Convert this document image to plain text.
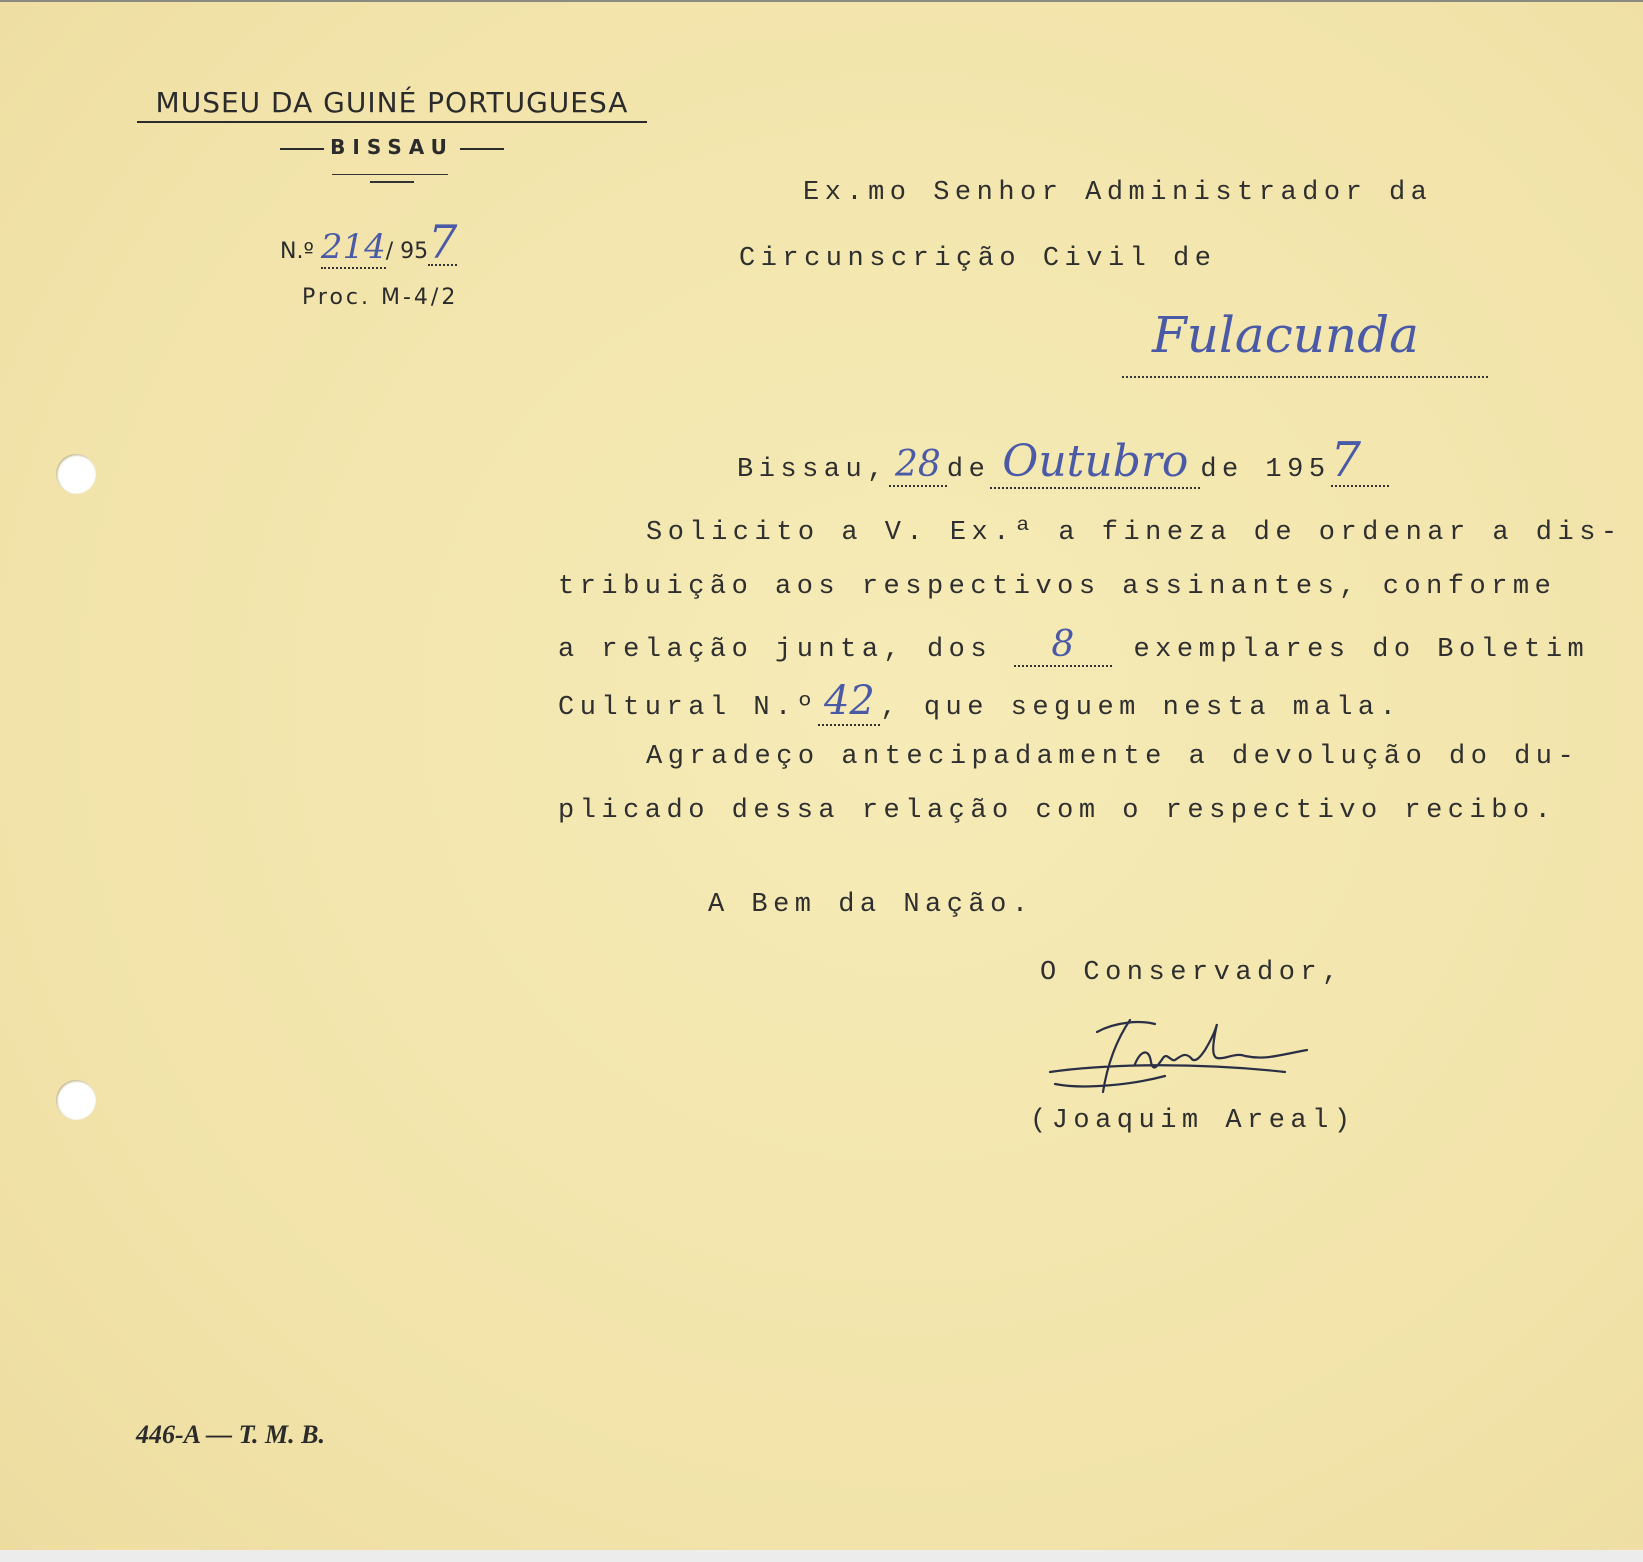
MUSEU DA GUINÉ PORTUGUESA
BISSAU
N.º 214/ 957
Proc. M-4/2
Ex.mo Senhor Administrador da
Circunscrição Civil de
Fulacunda
Bissau, 28 de Outubro de 1957
Solicito a V. Ex.ª a fineza de ordenar a dis-
tribuição aos respectivos assinantes, conforme
a relação junta, dos 8 exemplares do Boletim
Cultural N.º 42 , que seguem nesta mala.
Agradeço antecipadamente a devolução do du-
plicado dessa relação com o respectivo recibo.
A Bem da Nação.
O Conservador,
(Joaquim Areal)
446-A — T. M. B.
